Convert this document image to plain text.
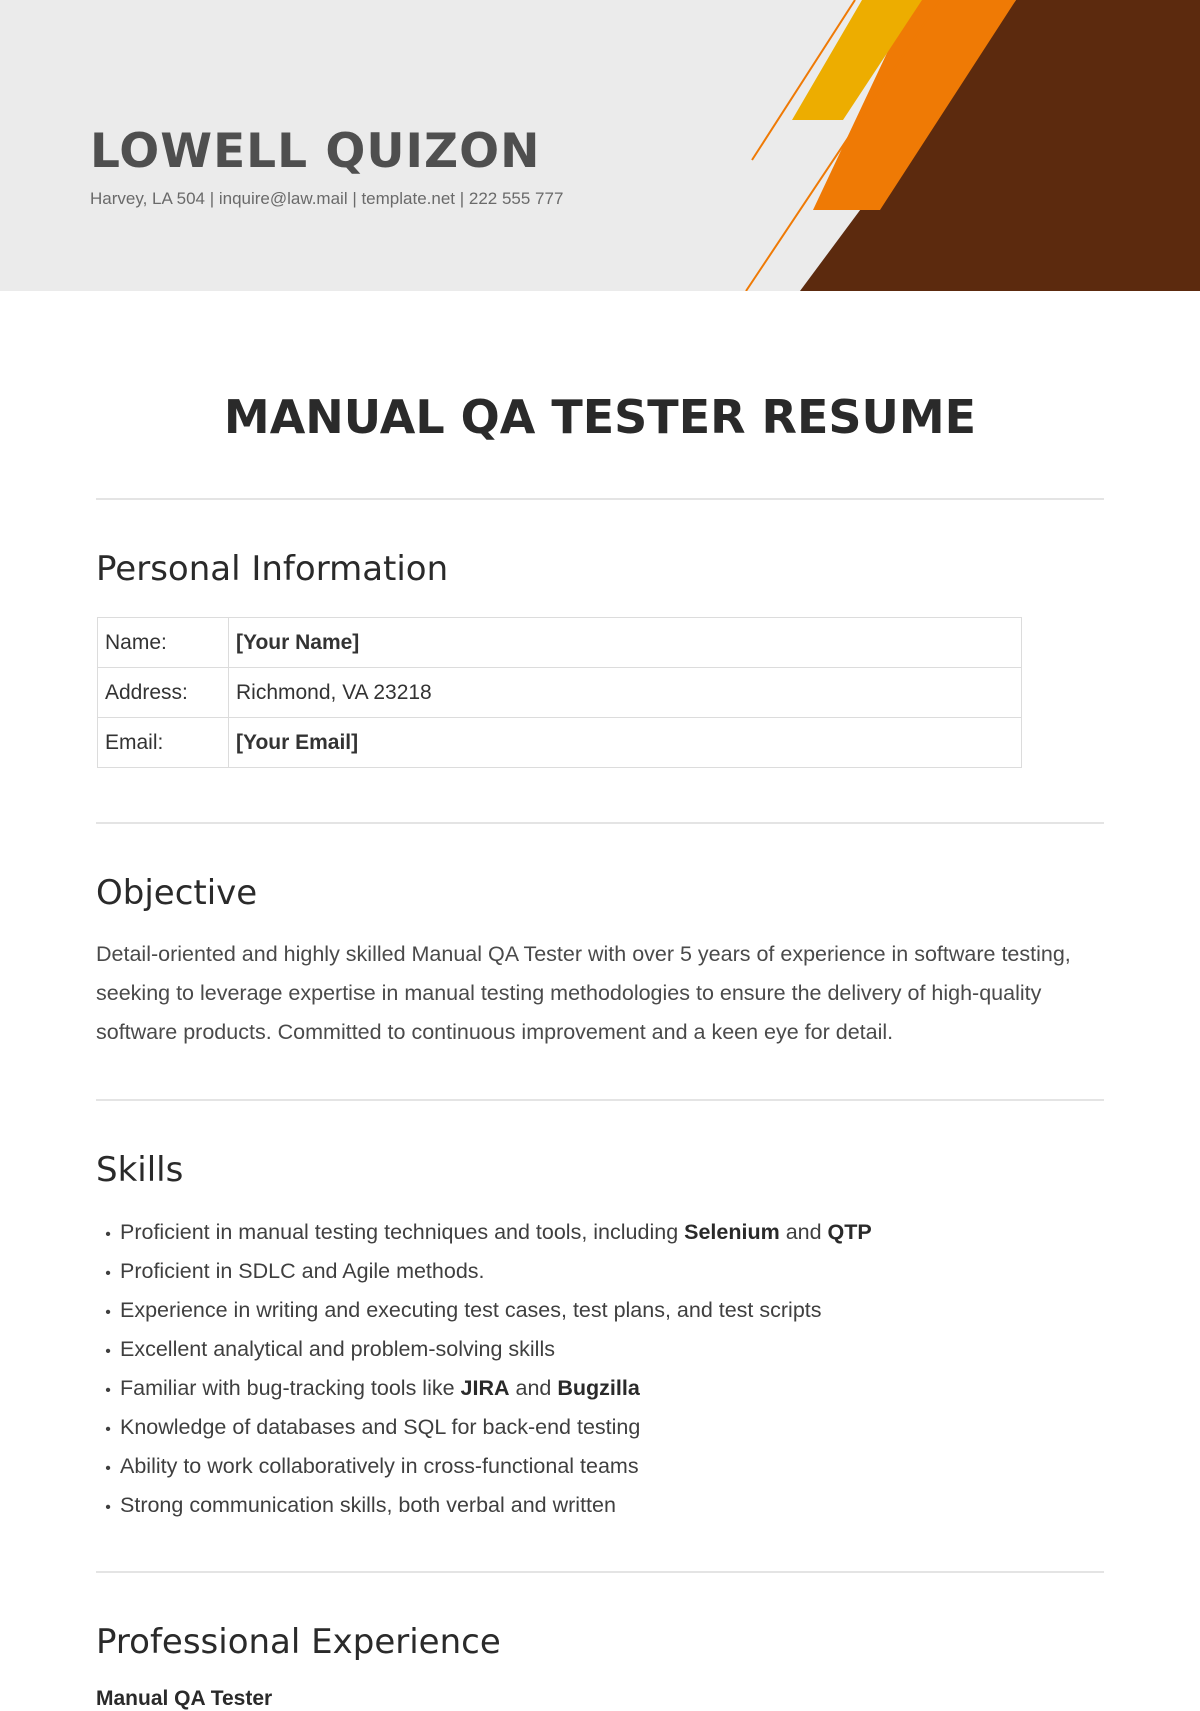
LOWELL QUIZON
Harvey, LA 504 | inquire@law.mail | template.net | 222 555 777
MANUAL QA TESTER RESUME
Personal Information
Name:	[Your Name]
Address:	Richmond, VA 23218
Email:	[Your Email]
Objective

Detail-oriented and highly skilled Manual QA Tester with over 5 years of experience in software testing, seeking to leverage expertise in manual testing methodologies to ensure the delivery of high-quality software products. Committed to continuous improvement and a keen eye for detail.

Skills
• Proficient in manual testing techniques and tools, including Selenium and QTP
• Proficient in SDLC and Agile methods.
• Experience in writing and executing test cases, test plans, and test scripts
• Excellent analytical and problem-solving skills
• Familiar with bug-tracking tools like JIRA and Bugzilla
• Knowledge of databases and SQL for back-end testing
• Ability to work collaboratively in cross-functional teams
• Strong communication skills, both verbal and written
Professional Experience
Manual QA Tester
